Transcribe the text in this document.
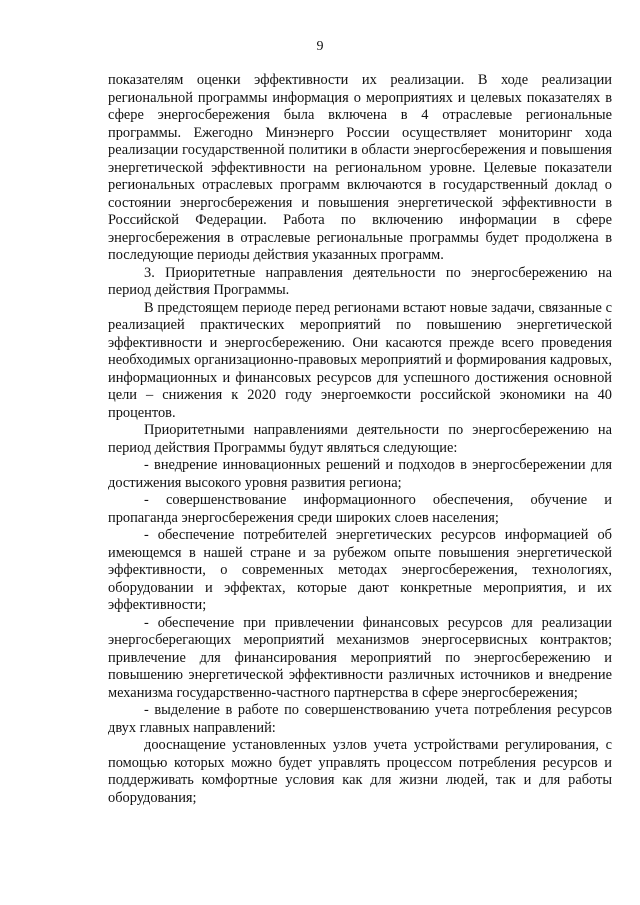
9

показателям оценки эффективности их реализации. В ходе реализации региональной программы информация о мероприятиях и целевых показателях в сфере энергосбережения была включена в 4 отраслевые региональные программы. Ежегодно Минэнерго России осуществляет мониторинг хода реализации государственной политики в области энергосбережения и повышения энергетической эффективности на региональном уровне. Целевые показатели региональных отраслевых программ включаются в государственный доклад о состоянии энергосбережения и повышения энергетической эффективности в Российской Федерации. Работа по включению информации в сфере энергосбережения в отраслевые региональные программы будет продолжена в последующие периоды действия указанных программ.

3. Приоритетные направления деятельности по энергосбережению на период действия Программы.

В предстоящем периоде перед регионами встают новые задачи, связанные с реализацией практических мероприятий по повышению энергетической эффективности и энергосбережению. Они касаются прежде всего проведения необходимых организационно-правовых мероприятий и формирования кадровых, информационных и финансовых ресурсов для успешного достижения основной цели – снижения к 2020 году энергоемкости российской экономики на 40 процентов.

Приоритетными направлениями деятельности по энергосбережению на период действия Программы будут являться следующие:

- внедрение инновационных решений и подходов в энергосбережении для достижения высокого уровня развития региона;

- совершенствование информационного обеспечения, обучение и пропаганда энергосбережения среди широких слоев населения;

- обеспечение потребителей энергетических ресурсов информацией об имеющемся в нашей стране и за рубежом опыте повышения энергетической эффективности, о современных методах энергосбережения, технологиях, оборудовании и эффектах, которые дают конкретные мероприятия, и их эффективности;

- обеспечение при привлечении финансовых ресурсов для реализации энергосберегающих мероприятий механизмов энергосервисных контрактов; привлечение для финансирования мероприятий по энергосбережению и повышению энергетической эффективности различных источников и внедрение механизма государственно-частного партнерства в сфере энергосбережения;

- выделение в работе по совершенствованию учета потребления ресурсов двух главных направлений:

дооснащение установленных узлов учета устройствами регулирования, с помощью которых можно будет управлять процессом потребления ресурсов и поддерживать комфортные условия как для жизни людей, так и для работы оборудования;
